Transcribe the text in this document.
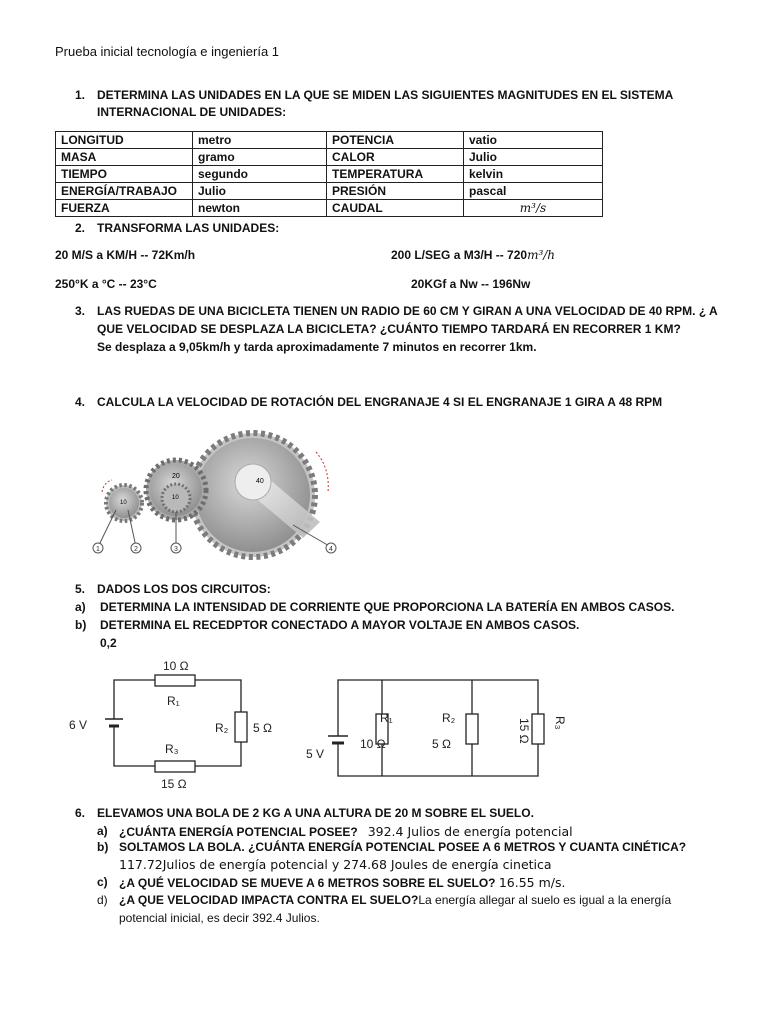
Prueba inicial tecnología e ingeniería 1
1. DETERMINA LAS UNIDADES EN LA QUE SE MIDEN LAS SIGUIENTES MAGNITUDES EN EL SISTEMA
INTERNACIONAL DE UNIDADES:
LONGITUD	metro	POTENCIA	vatio
MASA	gramo	CALOR	Julio
TIEMPO	segundo	TEMPERATURA	kelvin
ENERGÍA/TRABAJO	Julio	PRESIÓN	pascal
FUERZA	newton	CAUDAL	m³/s
2. TRANSFORMA LAS UNIDADES:
20 M/S a KM/H -- 72Km/h	200 L/SEG a M3/H -- 720m³/h
250°K a °C -- 23°C	20KGf a Nw -- 196Nw
3. LAS RUEDAS DE UNA BICICLETA TIENEN UN RADIO DE 60 CM Y GIRAN A UNA VELOCIDAD DE 40 RPM. ¿ A
QUE VELOCIDAD SE DESPLAZA LA BICICLETA? ¿CUÁNTO TIEMPO TARDARÁ EN RECORRER 1 KM?
Se desplaza a 9,05km/h y tarda aproximadamente 7 minutos en recorrer 1km.
4. CALCULA LA VELOCIDAD DE ROTACIÓN DEL ENGRANAJE 4 SI EL ENGRANAJE 1 GIRA A 48 RPM
40
20
10
10
1	2	3	4
5. DADOS LOS DOS CIRCUITOS:
a) DETERMINA LA INTENSIDAD DE CORRIENTE QUE PROPORCIONA LA BATERÍA EN AMBOS CASOS.
b) DETERMINA EL RECEDPTOR CONECTADO A MAYOR VOLTAJE EN AMBOS CASOS.
0,2
10 Ω
R₁
R₂ 5 Ω
R₃
15 Ω
6 V	R₁
10 Ω
R₂
5 Ω
15 Ω R₃
5 V
6. ELEVAMOS UNA BOLA DE 2 KG A UNA ALTURA DE 20 M SOBRE EL SUELO.
a) ¿CUÁNTA ENERGÍA POTENCIAL POSEE? 392.4 Julios de energía potencial
b) SOLTAMOS LA BOLA. ¿CUÁNTA ENERGÍA POTENCIAL POSEE A 6 METROS Y CUANTA CINÉTICA?
117.72Julios de energía potencial y 274.68 Joules de energía cinetica
c) ¿A QUÉ VELOCIDAD SE MUEVE A 6 METROS SOBRE EL SUELO? 16.55 m/s.
d) ¿A QUE VELOCIDAD IMPACTA CONTRA EL SUELO?La energía allegar al suelo es igual a la energía
potencial inicial, es decir 392.4 Julios.
